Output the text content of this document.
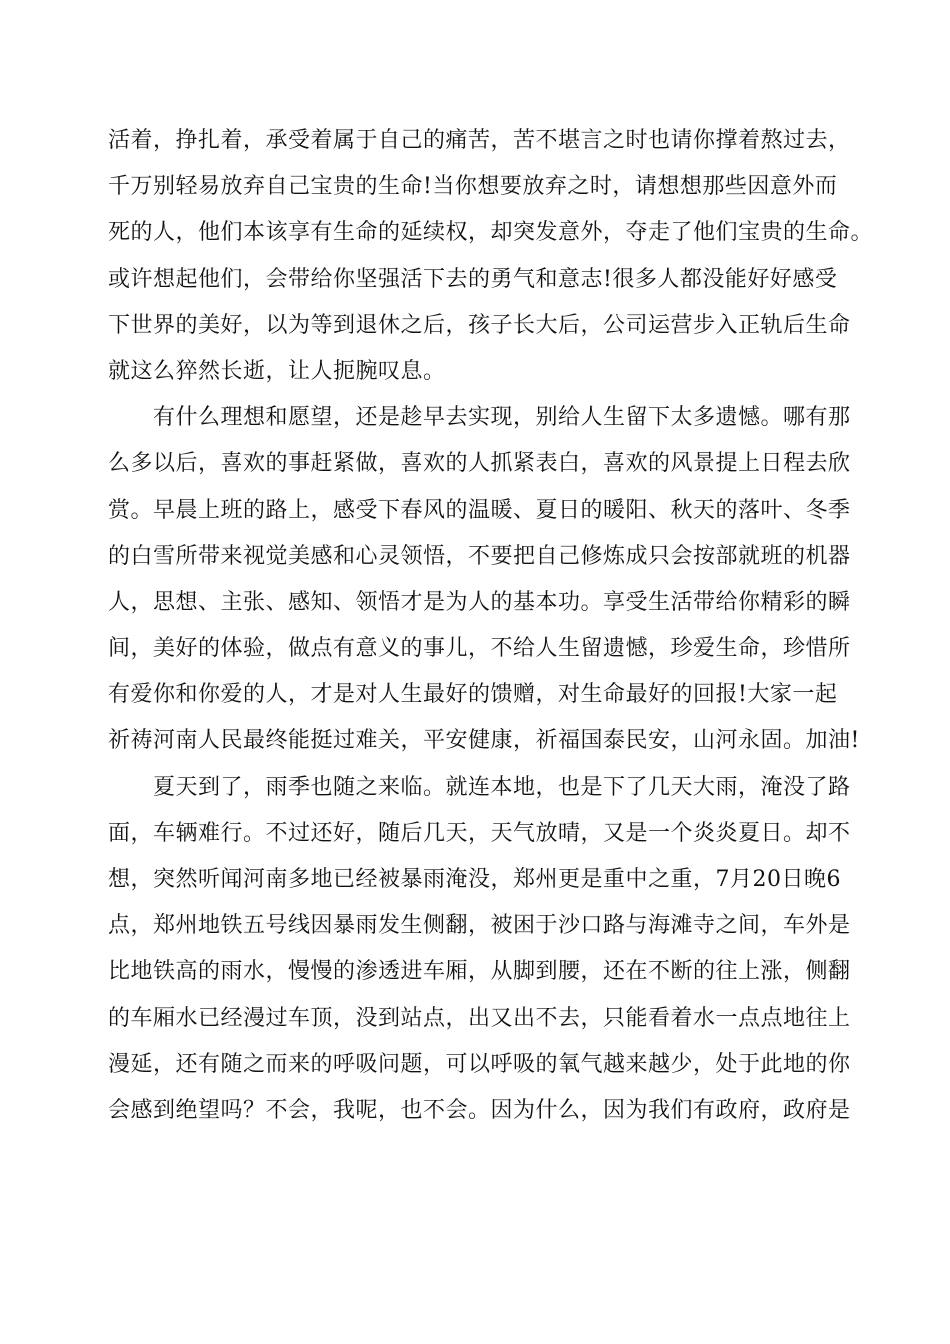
活着，挣扎着，承受着属于自己的痛苦，苦不堪言之时也请你撑着熬过去，
千万别轻易放弃自己宝贵的生命!当你想要放弃之时，请想想那些因意外而
死的人，他们本该享有生命的延续权，却突发意外，夺走了他们宝贵的生命。
或许想起他们，会带给你坚强活下去的勇气和意志!很多人都没能好好感受
下世界的美好，以为等到退休之后，孩子长大后，公司运营步入正轨后生命
就这么猝然长逝，让人扼腕叹息。
　　有什么理想和愿望，还是趁早去实现，别给人生留下太多遗憾。哪有那
么多以后，喜欢的事赶紧做，喜欢的人抓紧表白，喜欢的风景提上日程去欣
赏。早晨上班的路上，感受下春风的温暖、夏日的暖阳、秋天的落叶、冬季
的白雪所带来视觉美感和心灵领悟，不要把自己修炼成只会按部就班的机器
人，思想、主张、感知、领悟才是为人的基本功。享受生活带给你精彩的瞬
间，美好的体验，做点有意义的事儿，不给人生留遗憾，珍爱生命，珍惜所
有爱你和你爱的人，才是对人生最好的馈赠，对生命最好的回报!大家一起
祈祷河南人民最终能挺过难关，平安健康，祈福国泰民安，山河永固。加油!
　　夏天到了，雨季也随之来临。就连本地，也是下了几天大雨，淹没了路
面，车辆难行。不过还好，随后几天，天气放晴，又是一个炎炎夏日。却不
想，突然听闻河南多地已经被暴雨淹没，郑州更是重中之重，7月20日晚6
点，郑州地铁五号线因暴雨发生侧翻，被困于沙口路与海滩寺之间，车外是
比地铁高的雨水，慢慢的渗透进车厢，从脚到腰，还在不断的往上涨，侧翻
的车厢水已经漫过车顶，没到站点，出又出不去，只能看着水一点点地往上
漫延，还有随之而来的呼吸问题，可以呼吸的氧气越来越少，处于此地的你
会感到绝望吗？不会，我呢，也不会。因为什么，因为我们有政府，政府是
